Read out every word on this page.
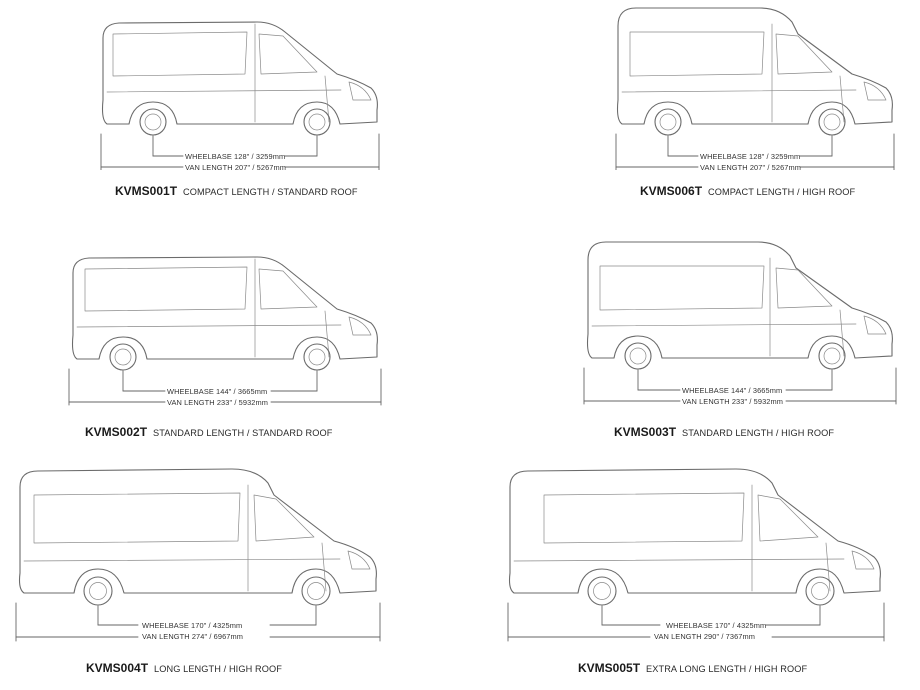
WHEELBASE 128" / 3259mm
VAN LENGTH 207" / 5267mm
KVMS001T COMPACT LENGTH / STANDARD ROOF
WHEELBASE 128" / 3259mm
VAN LENGTH 207" / 5267mm
KVMS006T COMPACT LENGTH / HIGH ROOF
WHEELBASE 144" / 3665mm
VAN LENGTH 233" / 5932mm
KVMS002T STANDARD LENGTH / STANDARD ROOF
WHEELBASE 144" / 3665mm
VAN LENGTH 233" / 5932mm
KVMS003T STANDARD LENGTH / HIGH ROOF
WHEELBASE 170" / 4325mm
VAN LENGTH 274" / 6967mm
KVMS004T LONG LENGTH / HIGH ROOF
WHEELBASE 170" / 4325mm
VAN LENGTH 290" / 7367mm
KVMS005T EXTRA LONG LENGTH / HIGH ROOF
